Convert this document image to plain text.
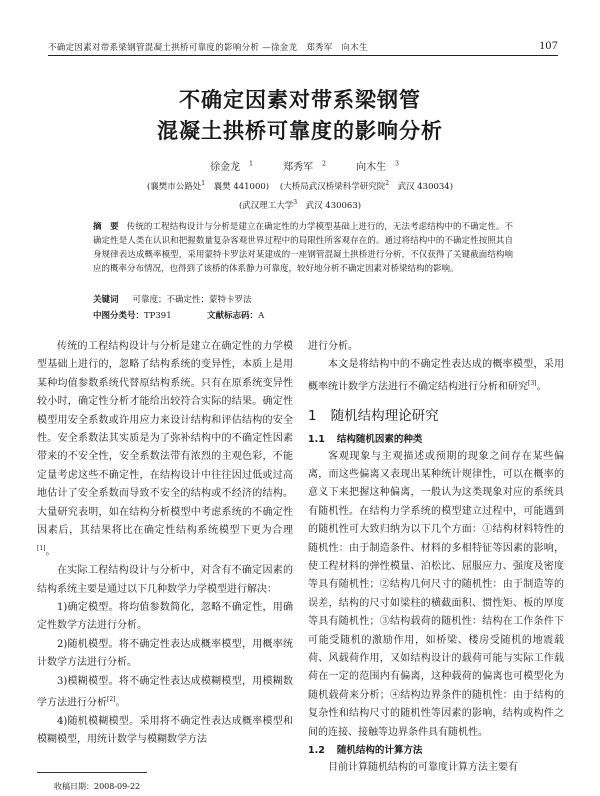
不确定因素对带系梁钢管混凝土拱桥可靠度的影响分析 —徐金龙　郑秀军　向木生	107
不确定因素对带系梁钢管
混凝土拱桥可靠度的影响分析
徐金龙 $^1$	郑秀军 $^2$	向木生 $^3$
(襄樊市公路处$^1$　襄樊 441000) (大桥局武汉桥梁科学研究院$^2$　武汉 430034)
(武汉理工大学$^3$　武汉 430063)
摘　要 传统的工程结构设计与分析是建立在确定性的力学模型基础上进行的，无法考虑结构中的不确定性。不确定性是人类在认识和把握数量复杂客观世界过程中的局限性所客观存在的。通过将结构中的不确定性按照其自身规律表达成概率模型，采用蒙特卡罗法对某建成的一座钢管混凝土拱桥进行分析，不仅获得了关键截面结构响应的概率分布情况，也得到了该桥的体系静力可靠度，较好地分析不确定因素对桥梁结构的影响。
关键词 可靠度；不确定性；蒙特卡罗法
中图分类号：TP391	文献标志码：A

传统的工程结构设计与分析是建立在确定性的力学模型基础上进行的，忽略了结构系统的变异性，本质上是用某种均值参数系统代替原结构系统。只有在原系统变异性较小时，确定性分析才能给出较符合实际的结果。确定性模型用安全系数或许用应力来设计结构和评估结构的安全性。安全系数法其实质是为了弥补结构中的不确定性因素带来的不安全性，安全系数法带有浓烈的主观色彩，不能定量考虑这些不确定性，在结构设计中往往因过低或过高地估计了安全系数而导致不安全的结构或不经济的结构。大量研究表明，如在结构分析模型中考虑系统的不确定性因素后，其结果将比在确定性结构系统模型下更为合理[1]。

在实际工程结构设计与分析中，对含有不确定因素的结构系统主要是通过以下几种数学力学模型进行解决：

1)确定模型。将均值参数简化，忽略不确定性，用确定性数学方法进行分析。

2)随机模型。将不确定性表达成概率模型，用概率统计数学方法进行分析。

3)模糊模型。将不确定性表达成模糊模型，用模糊数学方法进行分析[2]。

4)随机模糊模型。采用将不确定性表达成概率模型和模糊模型，用统计数学与模糊数学方法

进行分析。

本文是将结构中的不确定性表达成的概率模型，采用概率统计数学方法进行不确定结构进行分析和研究[3]。

1 随机结构理论研究
1.1 结构随机因素的种类

客观现象与主观描述或预期的现象之间存在某些偏离，而这些偏离又表现出某种统计规律性，可以在概率的意义下来把握这种偏离，一般认为这类现象对应的系统具有随机性。在结构力学系统的模型建立过程中，可能遇到的随机性可大致归纳为以下几个方面：①结构材料特性的随机性：由于制造条件、材料的多相特征等因素的影响，使工程材料的弹性模量、泊松比、屈服应力、强度及密度等具有随机性；②结构几何尺寸的随机性：由于制造等的误差，结构的尺寸如梁柱的横截面积、惯性矩、板的厚度等具有随机性；③结构载荷的随机性：结构在工作条件下可能受随机的激励作用，如桥梁、楼房受随机的地震载荷、风载荷作用，又如结构设计的载荷可能与实际工作载荷在一定的范围内有偏离，这种载荷的偏离也可模型化为随机载荷来分析；④结构边界条件的随机性：由于结构的复杂性和结构尺寸的随机性等因素的影响，结构或构件之间的连接、接触等边界条件具有随机性。

1.2 随机结构的计算方法

目前计算随机结构的可靠度计算方法主要有

收稿日期：2008-09-22
